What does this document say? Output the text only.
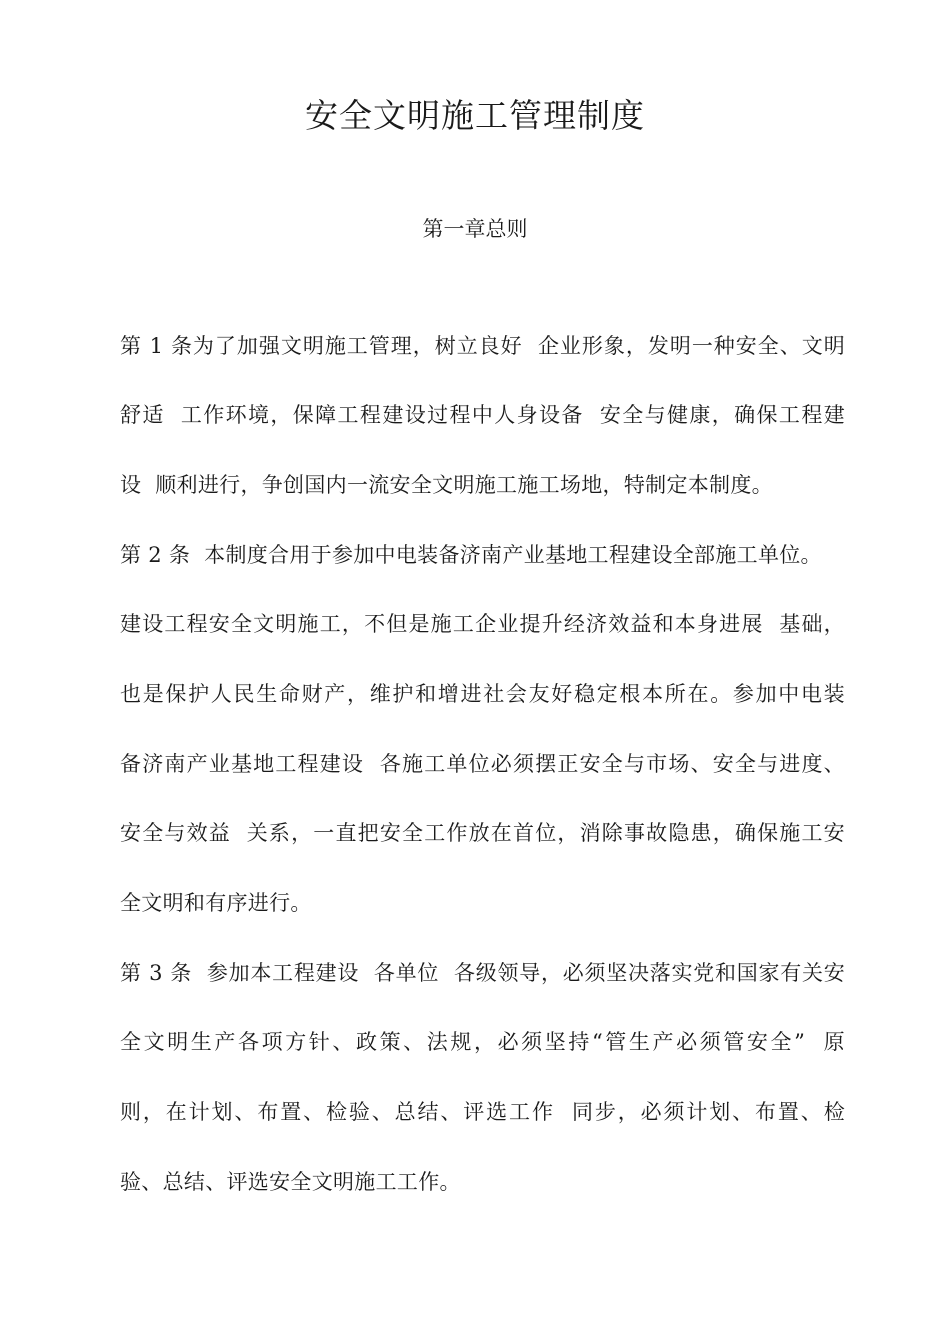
安全文明施工管理制度
第一章总则
第 1 条为了加强文明施工管理，树立良好  企业形象，发明一种安全、文明
舒适  工作环境，保障工程建设过程中人身设备  安全与健康，确保工程建
设  顺利进行，争创国内一流安全文明施工施工场地，特制定本制度。
第 2 条  本制度合用于参加中电装备济南产业基地工程建设全部施工单位。
建设工程安全文明施工，不但是施工企业提升经济效益和本身进展  基础，
也是保护人民生命财产，维护和增进社会友好稳定根本所在。参加中电装
备济南产业基地工程建设  各施工单位必须摆正安全与市场、安全与进度、
安全与效益  关系，一直把安全工作放在首位，消除事故隐患，确保施工安
全文明和有序进行。
第 3 条  参加本工程建设  各单位  各级领导，必须坚决落实党和国家有关安
全文明生产各项方针、政策、法规，必须坚持“管生产必须管安全”  原
则，在计划、布置、检验、总结、评选工作  同步，必须计划、布置、检
验、总结、评选安全文明施工工作。
